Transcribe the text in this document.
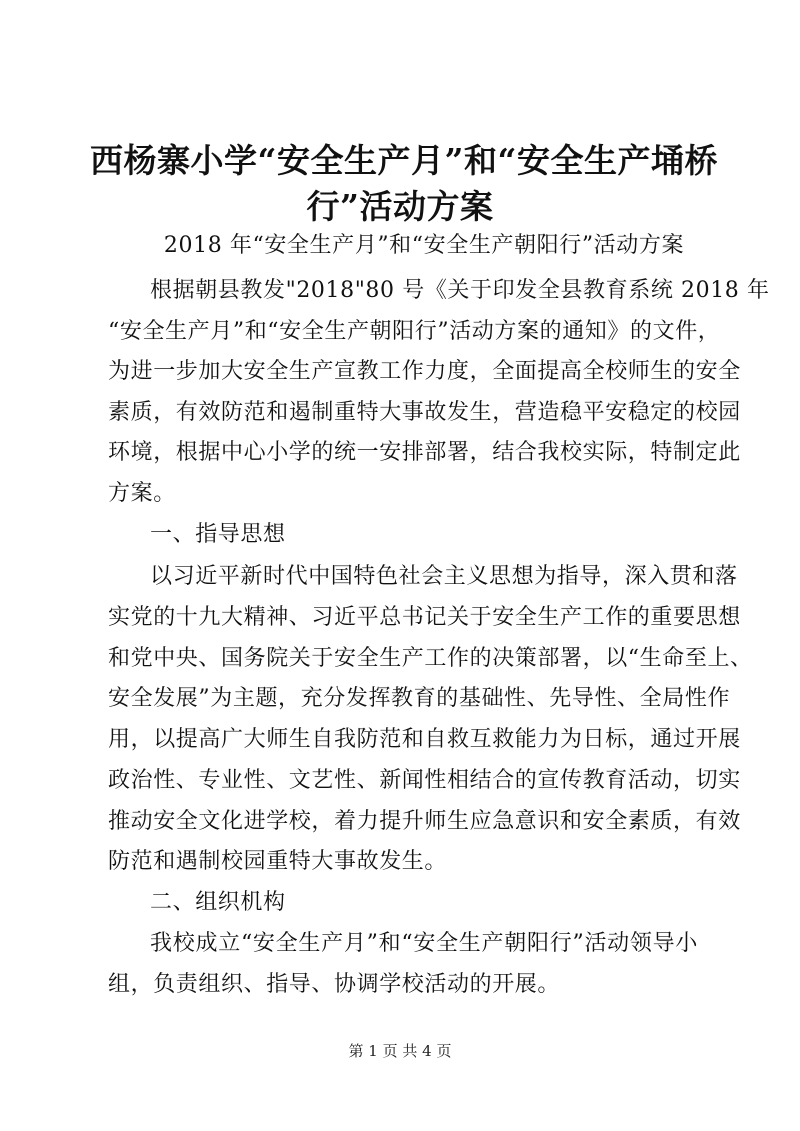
西杨寨小学“安全生产月”和“安全生产埇桥
行”活动方案
2018 年“安全生产月”和“安全生产朝阳行”活动方案
根据朝县教发"2018"80 号《关于印发全县教育系统 2018 年
“安全生产月”和“安全生产朝阳行”活动方案的通知》的文件，
为进一步加大安全生产宣教工作力度，全面提高全校师生的安全
素质，有效防范和遏制重特大事故发生，营造稳平安稳定的校园
环境，根据中心小学的统一安排部署，结合我校实际，特制定此
方案。
一、指导思想
以习近平新时代中国特色社会主义思想为指导，深入贯和落
实党的十九大精神、习近平总书记关于安全生产工作的重要思想
和党中央、国务院关于安全生产工作的决策部署，以“生命至上、
安全发展”为主题，充分发挥教育的基础性、先导性、全局性作
用，以提高广大师生自我防范和自救互救能力为日标，通过开展
政治性、专业性、文艺性、新闻性相结合的宣传教育活动，切实
推动安全文化进学校，着力提升师生应急意识和安全素质，有效
防范和遇制校园重特大事故发生。
二、组织机构
我校成立“安全生产月”和“安全生产朝阳行”活动领导小
组，负责组织、指导、协调学校活动的开展。
第 1 页 共 4 页
